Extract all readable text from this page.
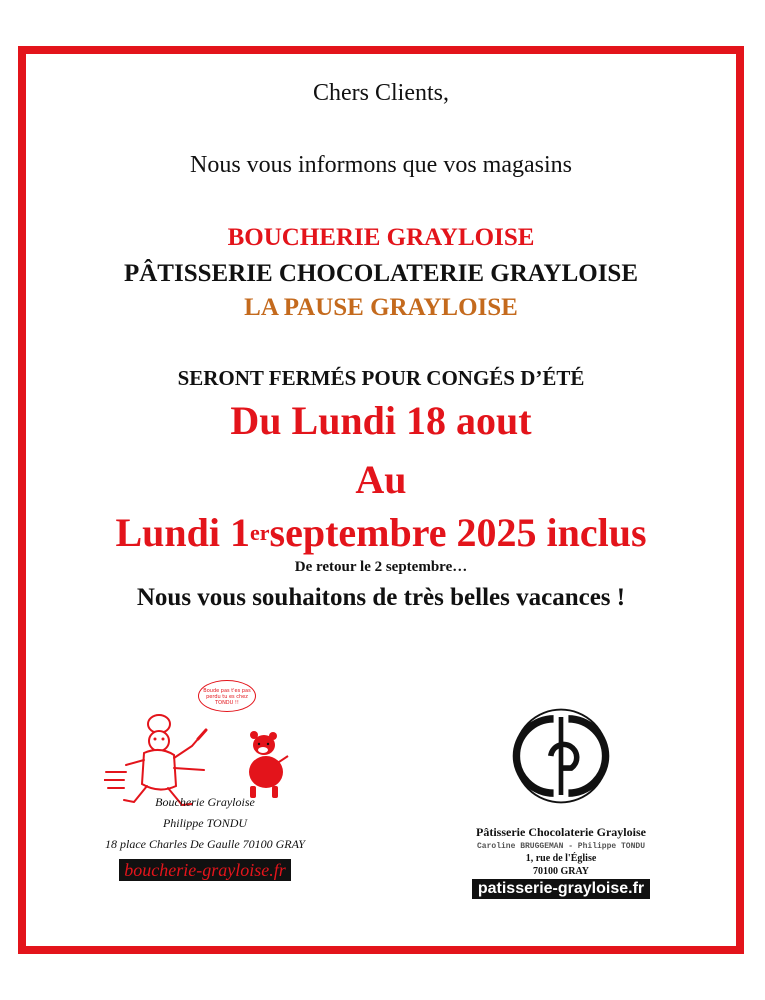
Chers Clients,
Nous vous informons que vos magasins
BOUCHERIE GRAYLOISE
PÂTISSERIE CHOCOLATERIE GRAYLOISE
LA PAUSE GRAYLOISE
SERONT FERMÉS POUR CONGÉS D’ÉTÉ
Du Lundi 18 aout
Au
Lundi 1erseptembre 2025 inclus
De retour le 2 septembre…
Nous vous souhaitons de très belles vacances !
Boude pas t'es pas perdu tu es chez TONDU !!
Boucherie Grayloise
Philippe TONDU
18 place Charles De Gaulle 70100 GRAY
boucherie-grayloise.fr
Pâtisserie Chocolaterie Grayloise
Caroline BRUGGEMAN - Philippe TONDU
1, rue de l'Église
70100 GRAY
patisserie-grayloise.fr
